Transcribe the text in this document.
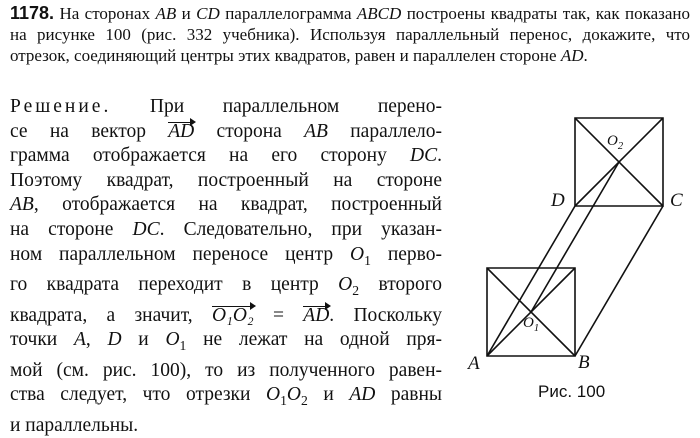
1178. На сторонах AB и CD параллелограмма ABCD построены квадраты так, как показано на рисунке 100 (рис. 332 учебника). Используя параллельный перенос, докажите, что отрезок, соединяющий центры этих квадратов, равен и параллелен стороне AD.
Решение. При параллельном перено-
се на вектор
AD сторона AB параллело-
грамма отображается на его сторону DC.
Поэтому квадрат, построенный на стороне
AB, отображается на квадрат, построенный
на стороне DC. Следовательно, при указан-
ном параллельном переносе центр $O_1$ перво-
го квадрата переходит в центр $O_2$ второго
квадрата, а значит,
O₁O₂ =
AD. Поскольку
точки A, D и $O_1$ не лежат на одной пря-
мой (см. рис. 100), то из полученного равен-
ства следует, что отрезки $O_1O_2$ и AD равны
и параллельны.
A	B
C
D
$O_1$
$O_2$
Рис. 100
